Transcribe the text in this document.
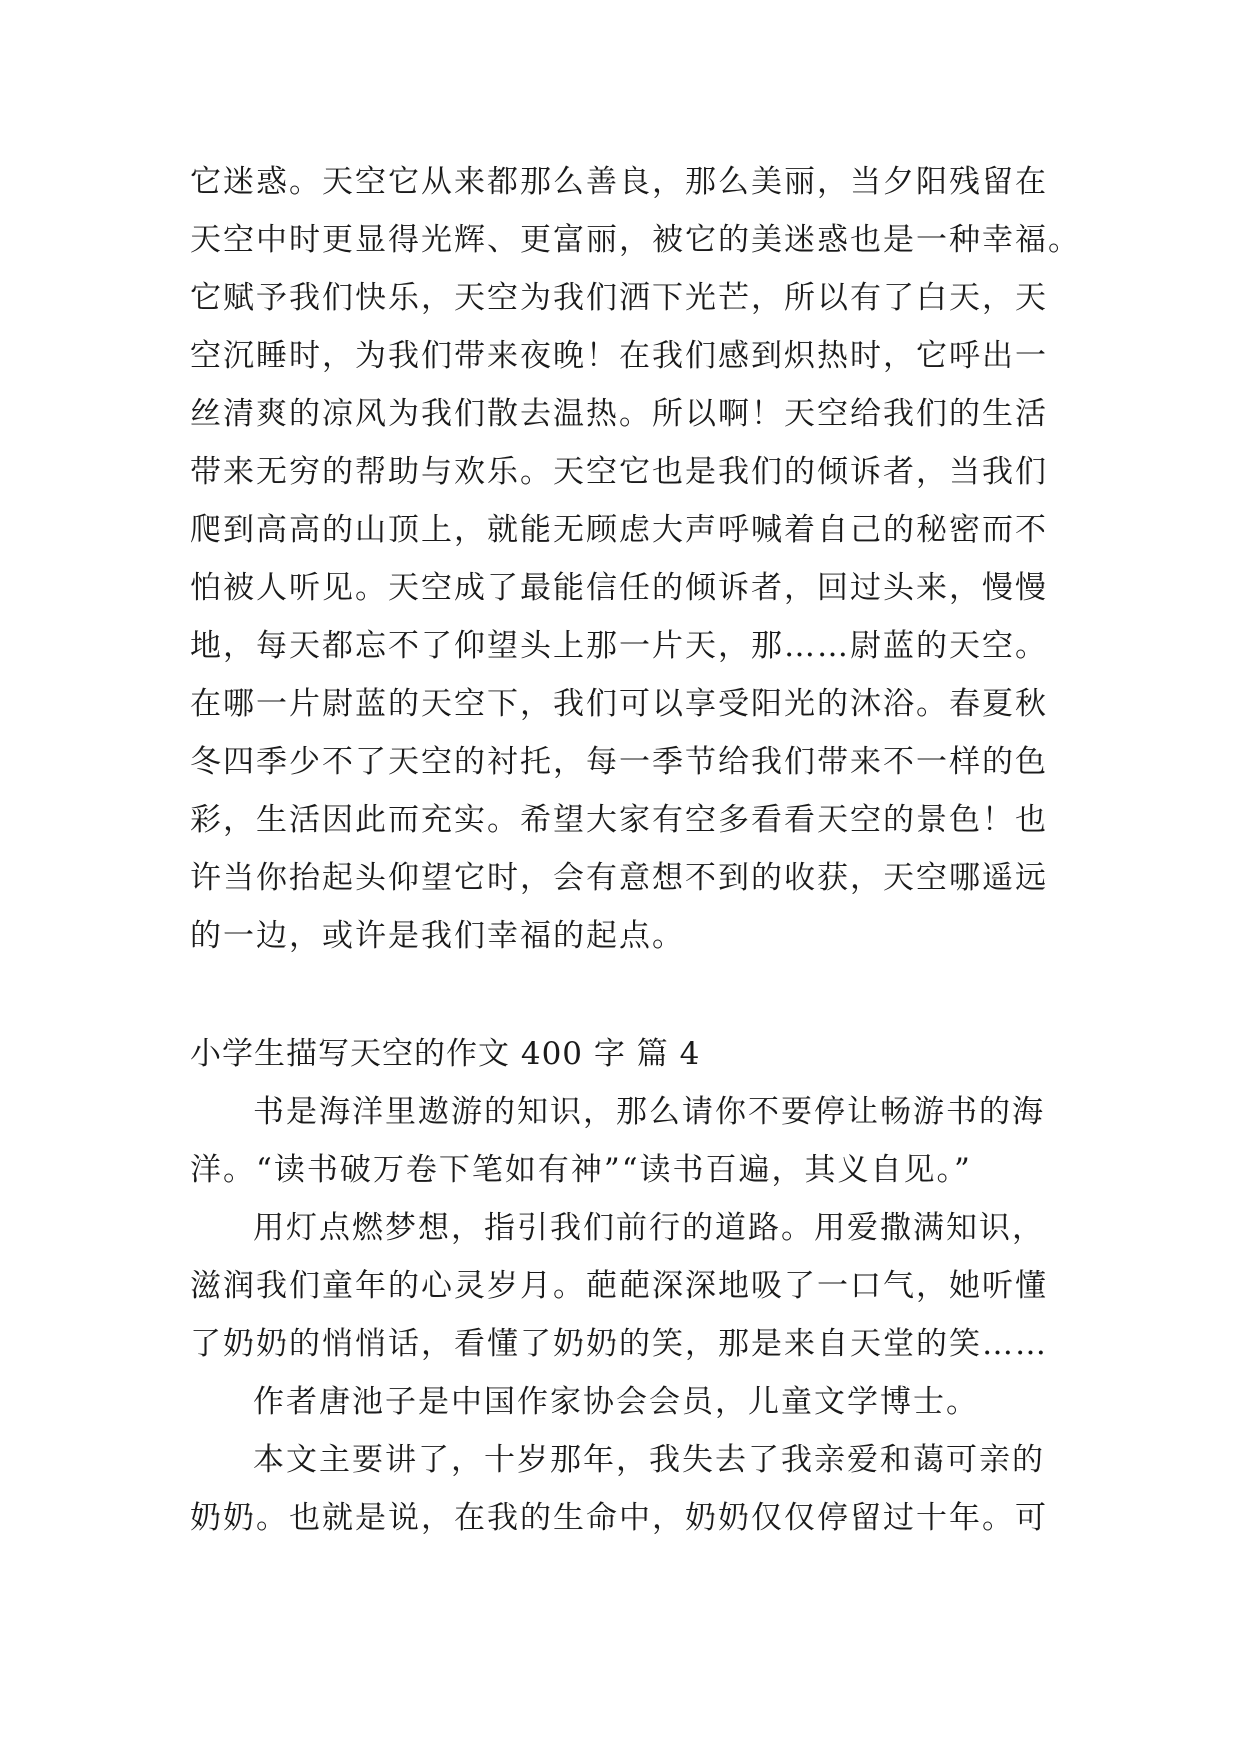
它迷惑。天空它从来都那么善良，那么美丽，当夕阳残留在
天空中时更显得光辉、更富丽，被它的美迷惑也是一种幸福。
它赋予我们快乐，天空为我们洒下光芒，所以有了白天，天
空沉睡时，为我们带来夜晚！在我们感到炽热时，它呼出一
丝清爽的凉风为我们散去温热。所以啊！天空给我们的生活
带来无穷的帮助与欢乐。天空它也是我们的倾诉者，当我们
爬到高高的山顶上，就能无顾虑大声呼喊着自己的秘密而不
怕被人听见。天空成了最能信任的倾诉者，回过头来，慢慢
地，每天都忘不了仰望头上那一片天，那……尉蓝的天空。
在哪一片尉蓝的天空下，我们可以享受阳光的沐浴。春夏秋
冬四季少不了天空的衬托，每一季节给我们带来不一样的色
彩，生活因此而充实。希望大家有空多看看天空的景色！也
许当你抬起头仰望它时，会有意想不到的收获，天空哪遥远
的一边，或许是我们幸福的起点。
小学生描写天空的作文 400 字 篇 4
书是海洋里遨游的知识，那么请你不要停让畅游书的海
洋。“读书破万卷下笔如有神”“读书百遍，其义自见。”
用灯点燃梦想，指引我们前行的道路。用爱撒满知识，
滋润我们童年的心灵岁月。葩葩深深地吸了一口气，她听懂
了奶奶的悄悄话，看懂了奶奶的笑，那是来自天堂的笑……
作者唐池子是中国作家协会会员，儿童文学博士。
本文主要讲了，十岁那年，我失去了我亲爱和蔼可亲的
奶奶。也就是说，在我的生命中，奶奶仅仅停留过十年。可
